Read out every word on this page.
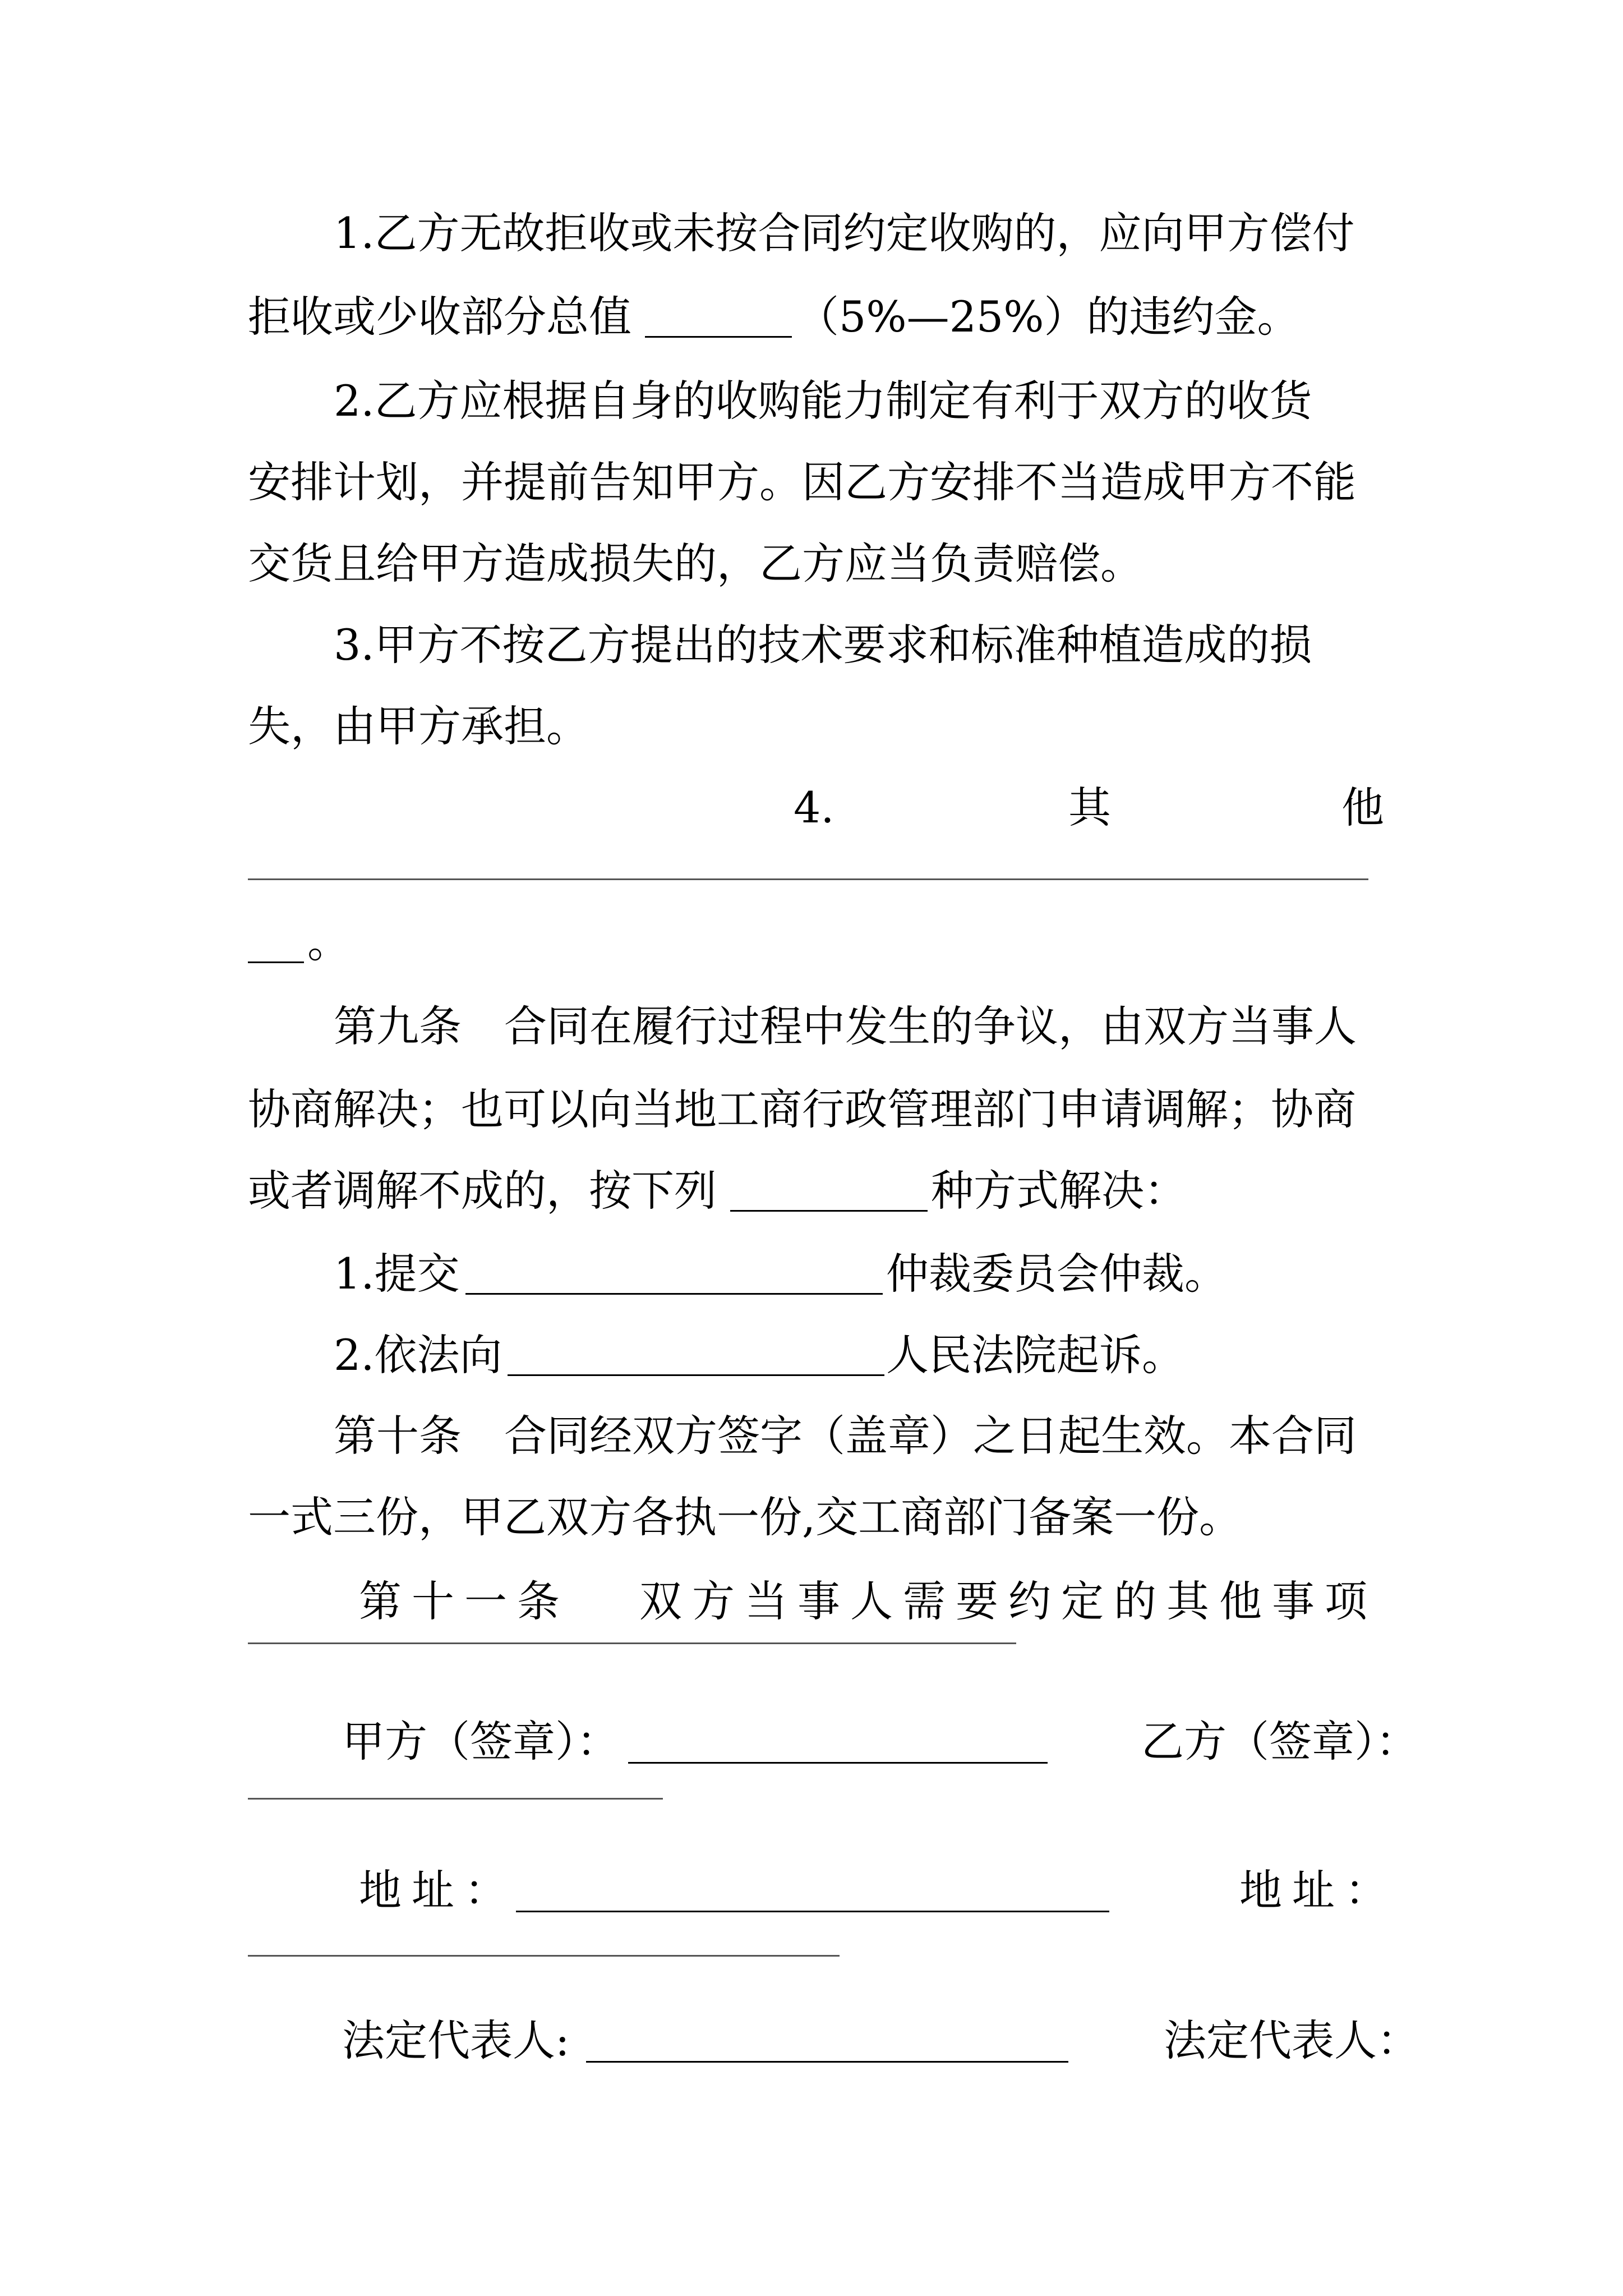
1.乙方无故拒收或未按合同约定收购的，应向甲方偿付
拒收或少收部分总值	（5%—25%）的违约金。
2.乙方应根据自身的收购能力制定有利于双方的收货
安排计划，并提前告知甲方。因乙方安排不当造成甲方不能
交货且给甲方造成损失的，乙方应当负责赔偿。
3.甲方不按乙方提出的技术要求和标准种植造成的损
失，由甲方承担。
4.	其	他
。
第九条　合同在履行过程中发生的争议，由双方当事人
协商解决；也可以向当地工商行政管理部门申请调解；协商
或者调解不成的，按下列	种方式解决：
1.提交	仲裁委员会仲裁。
2.依法向	人民法院起诉。
第十条　合同经双方签字（盖章）之日起生效。本合同
一式三份，甲乙双方各执一份,交工商部门备案一份。
第十一条 双方当事人需要约定的其他事项
甲方（签章）：	乙方（签章）：
地址：	地址：
法定代表人:	法定代表人：
